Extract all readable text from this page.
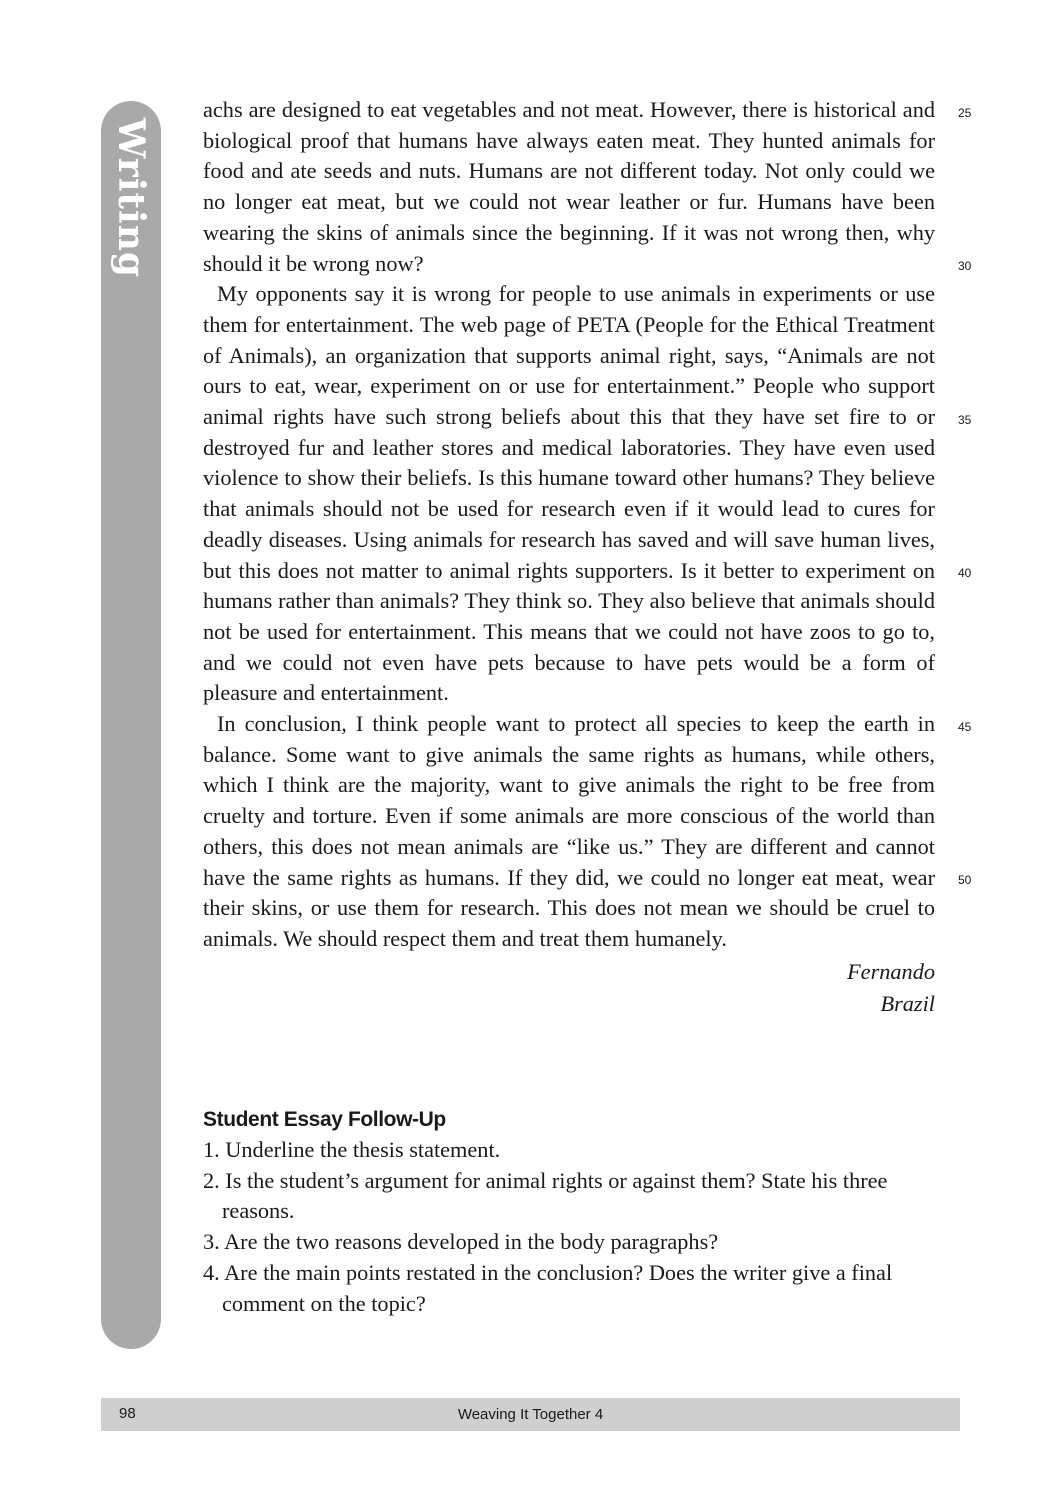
Writing

achs are designed to eat vegetables and not meat. However, there is historical and biological proof that humans have always eaten meat. They hunted animals for food and ate seeds and nuts. Humans are not different today. Not only could we no longer eat meat, but we could not wear leather or fur. Humans have been wearing the skins of animals since the beginning. If it was not wrong then, why should it be wrong now?

My opponents say it is wrong for people to use animals in experiments or use them for entertainment. The web page of PETA (People for the Ethical Treatment of Animals), an organization that supports animal right, says, “Animals are not ours to eat, wear, experiment on or use for entertainment.” People who support animal rights have such strong beliefs about this that they have set fire to or destroyed fur and leather stores and medical laboratories. They have even used violence to show their beliefs. Is this humane toward other humans? They believe that animals should not be used for research even if it would lead to cures for deadly diseases. Using animals for research has saved and will save human lives, but this does not matter to animal rights supporters. Is it better to experiment on humans rather than animals? They think so. They also believe that animals should not be used for entertainment. This means that we could not have zoos to go to, and we could not even have pets because to have pets would be a form of pleasure and entertainment.

In conclusion, I think people want to protect all species to keep the earth in balance. Some want to give animals the same rights as humans, while others, which I think are the majority, want to give animals the right to be free from cruelty and torture. Even if some animals are more conscious of the world than others, this does not mean animals are “like us.” They are different and cannot have the same rights as humans. If they did, we could no longer eat meat, wear their skins, or use them for research. This does not mean we should be cruel to animals. We should respect them and treat them humanely.

Fernando
Brazil
25
30
35
40
45
50
Student Essay Follow-Up
1. Underline the thesis statement.
2. Is the student’s argument for animal rights or against them? State his three reasons.
3. Are the two reasons developed in the body paragraphs?
4. Are the main points restated in the conclusion? Does the writer give a final comment on the topic?
98	Weaving It Together 4
